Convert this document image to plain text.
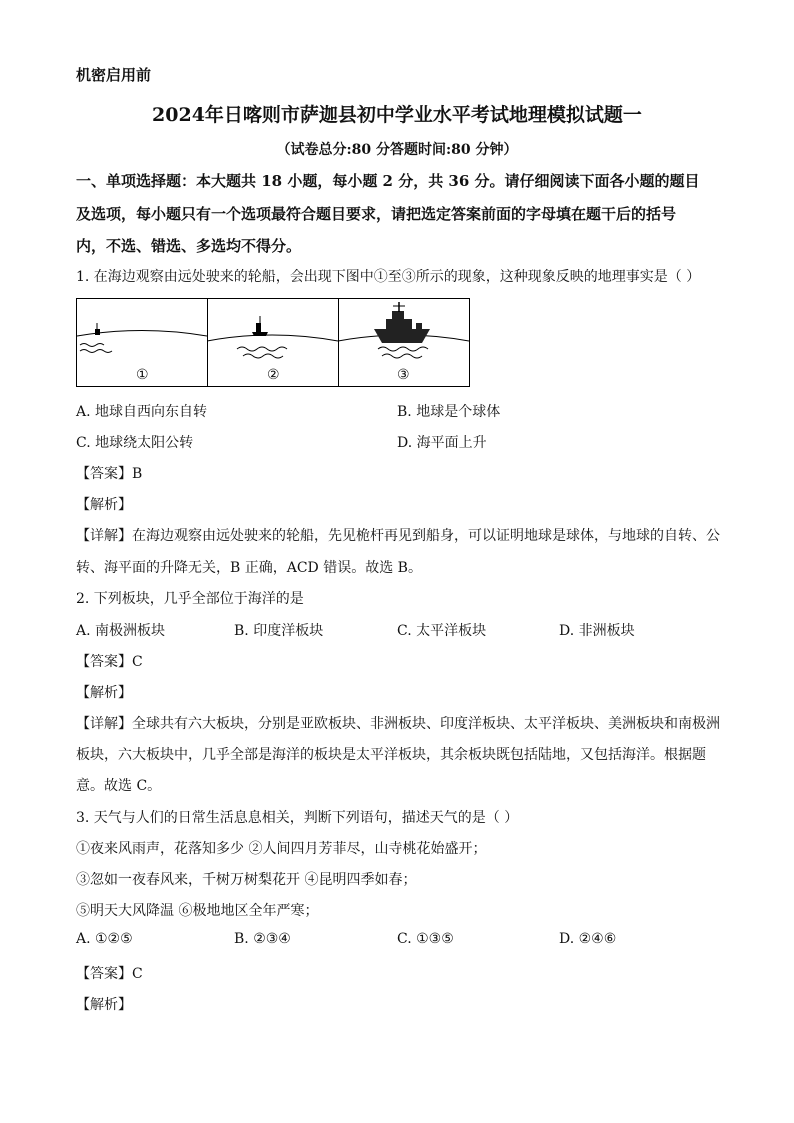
机密启用前
2024年日喀则市萨迦县初中学业水平考试地理模拟试题一
（试卷总分:80 分答题时间:80 分钟）
一、单项选择题：本大题共 18 小题，每小题 2 分，共 36 分。请仔细阅读下面各小题的题目
及选项，每小题只有一个选项最符合题目要求，请把选定答案前面的字母填在题干后的括号
内，不选、错选、多选均不得分。
1. 在海边观察由远处驶来的轮船，会出现下图中①至③所示的现象，这种现象反映的地理事实是（ ）
①	②	③
A. 地球自西向东自转	B. 地球是个球体
C. 地球绕太阳公转	D. 海平面上升
【答案】B
【解析】
【详解】在海边观察由远处驶来的轮船，先见桅杆再见到船身，可以证明地球是球体，与地球的自转、公
转、海平面的升降无关，B 正确，ACD 错误。故选 B。
2. 下列板块，几乎全部位于海洋的是
A. 南极洲板块	B. 印度洋板块	C. 太平洋板块	D. 非洲板块
【答案】C
【解析】
【详解】全球共有六大板块，分别是亚欧板块、非洲板块、印度洋板块、太平洋板块、美洲板块和南极洲
板块，六大板块中，几乎全部是海洋的板块是太平洋板块，其余板块既包括陆地，又包括海洋。根据题
意。故选 C。
3. 天气与人们的日常生活息息相关，判断下列语句，描述天气的是（ ）
①夜来风雨声，花落知多少 ②人间四月芳菲尽，山寺桃花始盛开；
③忽如一夜春风来，千树万树梨花开 ④昆明四季如春；
⑤明天大风降温 ⑥极地地区全年严寒；
A. ①②⑤	B. ②③④	C. ①③⑤	D. ②④⑥
【答案】C
【解析】
